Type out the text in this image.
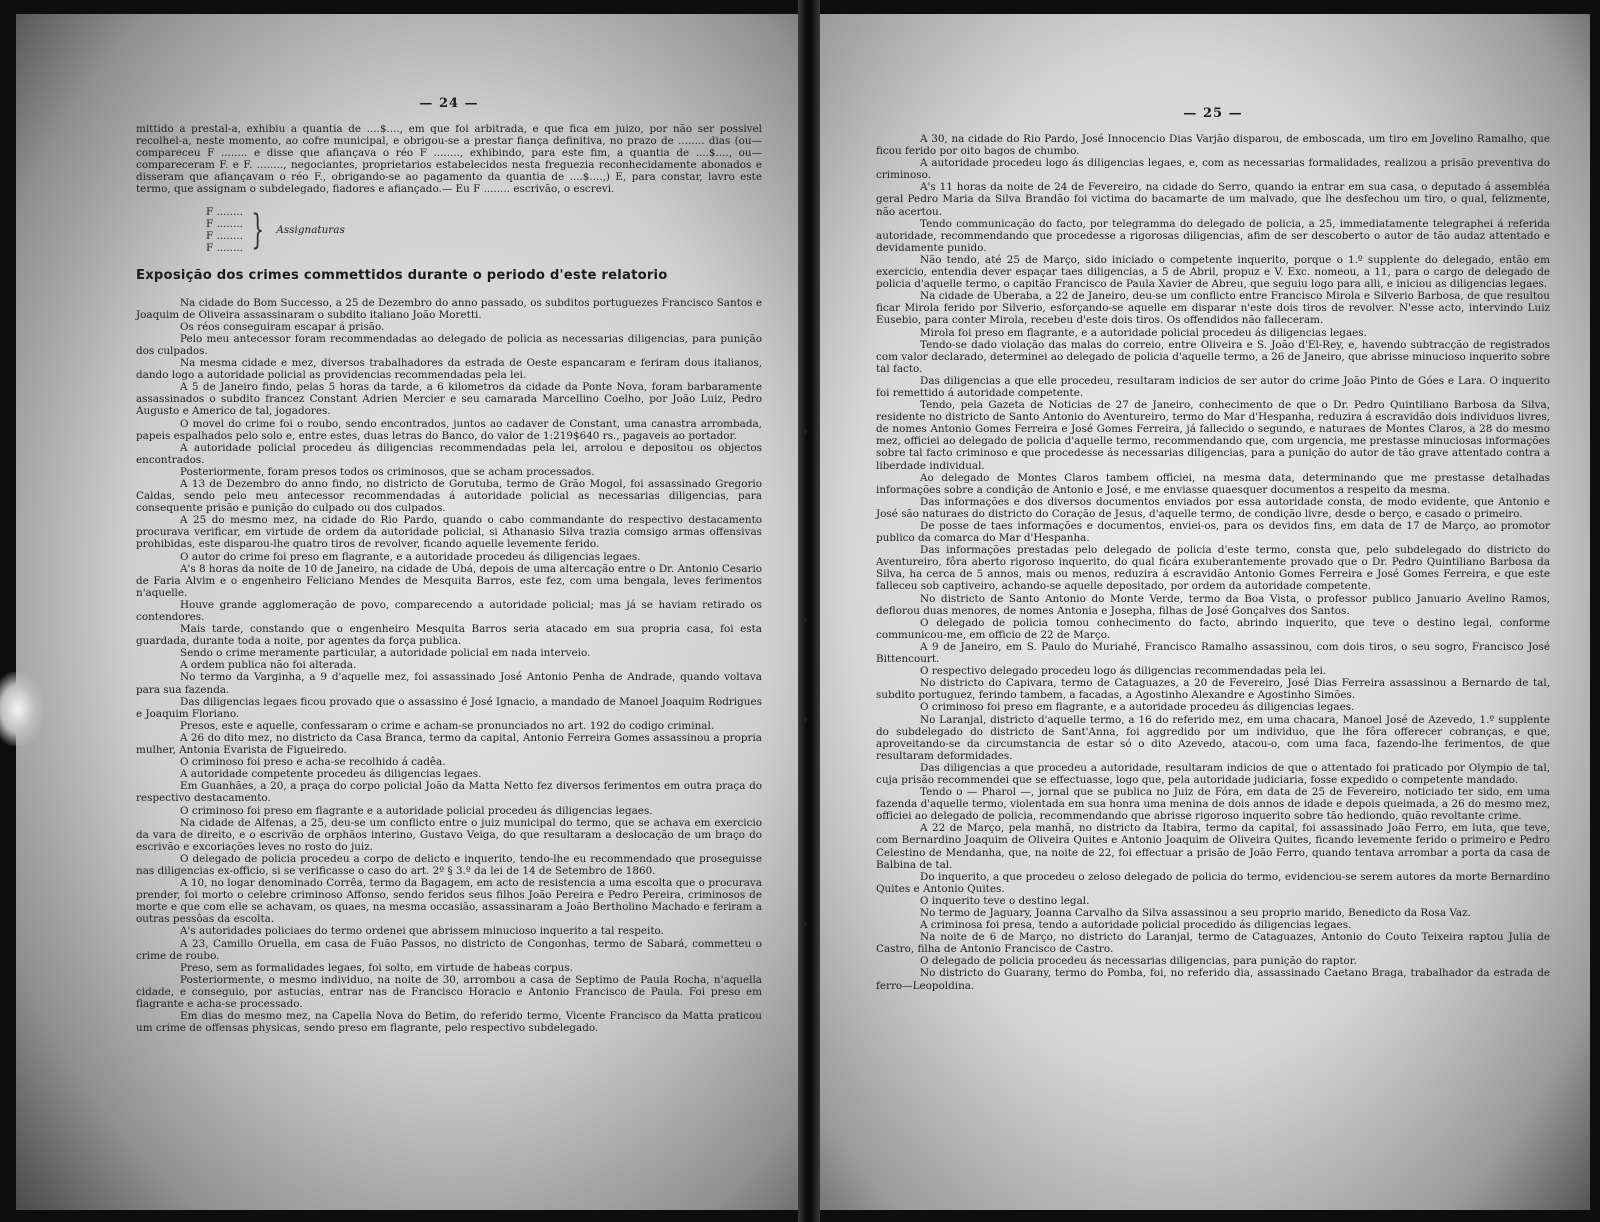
— 24 —

mittido a prestal-a, exhibiu a quantia de ....$...., em que foi arbitrada, e que fica em juizo, por não ser possivel recolhel-a, neste momento, ao cofre municipal, e obrigou-se a prestar fiança definitiva, no prazo de ........ dias (ou—compareceu F ........ e disse que afiançava o réo F ........, exhibindo, para este fim, a quantia de ....$...., ou—compareceram F. e F. ........, negociantes, proprietarios estabelecidos nesta freguezia reconhecidamente abonados e disseram que afiançavam o réo F., obrigando-se ao pagamento da quantia de ....$....,) E, para constar, lavro este termo, que assignam o subdelegado, fiadores e afiançado.— Eu F ........ escrivão, o escrevi.

F ........
F ........
F ........
F ........ } Assignaturas
Exposição dos crimes commettidos durante o periodo d'este relatorio

Na cidade do Bom Successo, a 25 de Dezembro do anno passado, os subditos portuguezes Francisco Santos e Joaquim de Oliveira assassinaram o subdito italiano João Moretti.

Os réos conseguiram escapar á prisão.

Pelo meu antecessor foram recommendadas ao delegado de policia as necessarias diligencias, para punição dos culpados.

Na mesma cidade e mez, diversos trabalhadores da estrada de Oeste espancaram e feriram dous italianos, dando logo a autoridade policial as providencias recommendadas pela lei.

A 5 de Janeiro findo, pelas 5 horas da tarde, a 6 kilometros da cidade da Ponte Nova, foram barbaramente assassinados o subdito francez Constant Adrien Mercier e seu camarada Marcellino Coelho, por João Luiz, Pedro Augusto e Americo de tal, jogadores.

O movel do crime foi o roubo, sendo encontrados, juntos ao cadaver de Constant, uma canastra arrombada, papeis espalhados pelo solo e, entre estes, duas letras do Banco, do valor de 1:219$640 rs., pagaveis ao portador.

A autoridade policial procedeu ás diligencias recommendadas pela lei, arrolou e depositou os objectos encontrados.

Posteriormente, foram presos todos os criminosos, que se acham processados.

A 13 de Dezembro do anno findo, no districto de Gorutuba, termo de Grão Mogol, foi assassinado Gregorio Caldas, sendo pelo meu antecessor recommendadas á autoridade policial as necessarias diligencias, para consequente prisão e punição do culpado ou dos culpados.

A 25 do mesmo mez, na cidade do Rio Pardo, quando o cabo commandante do respectivo destacamento procurava verificar, em virtude de ordem da autoridade policial, si Athanasio Silva trazia comsigo armas offensivas prohibidas, este disparou-lhe quatro tiros de revolver, ficando aquelle levemente ferido.

O autor do crime foi preso em flagrante, e a autoridade procedeu ás diligencias legaes.

A's 8 horas da noite de 10 de Janeiro, na cidade de Ubá, depois de uma altercação entre o Dr. Antonio Cesario de Faria Alvim e o engenheiro Feliciano Mendes de Mesquita Barros, este fez, com uma bengala, leves ferimentos n'aquelle.

Houve grande agglomeração de povo, comparecendo a autoridade policial; mas já se haviam retirado os contendores.

Mais tarde, constando que o engenheiro Mesquita Barros seria atacado em sua propria casa, foi esta guardada, durante toda a noite, por agentes da força publica.

Sendo o crime meramente particular, a autoridade policial em nada interveio.

A ordem publica não foi alterada.

No termo da Varginha, a 9 d'aquelle mez, foi assassinado José Antonio Penha de Andrade, quando voltava para sua fazenda.

Das diligencias legaes ficou provado que o assassino é José Ignacio, a mandado de Manoel Joaquim Rodrigues e Joaquim Floriano.

Presos, este e aquelle, confessaram o crime e acham-se pronunciados no art. 192 do codigo criminal.

A 26 do dito mez, no districto da Casa Branca, termo da capital, Antonio Ferreira Gomes assassinou a propria mulher, Antonia Evarista de Figueiredo.

O criminoso foi preso e acha-se recolhido á cadêa.

A autoridade competente procedeu ás diligencias legaes.

Em Guanhães, a 20, a praça do corpo policial João da Matta Netto fez diversos ferimentos em outra praça do respectivo destacamento.

O criminoso foi preso em flagrante e a autoridade policial procedeu ás diligencias legaes.

Na cidade de Alfenas, a 25, deu-se um conflicto entre o juiz municipal do termo, que se achava em exercicio da vara de direito, e o escrivão de orphãos interino, Gustavo Veiga, do que resultaram a deslocação de um braço do escrivão e excoriações leves no rosto do juiz.

O delegado de policia procedeu a corpo de delicto e inquerito, tendo-lhe eu recommendado que proseguisse nas diligencias ex-officio, si se verificasse o caso do art. 2º § 3.º da lei de 14 de Setembro de 1860.

A 10, no logar denominado Corrêa, termo da Bagagem, em acto de resistencia a uma escolta que o procurava prender, foi morto o celebre criminoso Affonso, sendo feridos seus filhos João Pereira e Pedro Pereira, criminosos de morte e que com elle se achavam, os quaes, na mesma occasião, assassinaram a João Bertholino Machado e feriram a outras pessôas da escolta.

A's autoridades policiaes do termo ordenei que abrissem minucioso inquerito a tal respeito.

A 23, Camillo Oruella, em casa de Fuão Passos, no districto de Congonhas, termo de Sabará, commetteu o crime de roubo.

Preso, sem as formalidades legaes, foi solto, em virtude de habeas corpus.

Posteriormente, o mesmo individuo, na noite de 30, arrombou a casa de Septimo de Paula Rocha, n'aquella cidade, e conseguio, por astucias, entrar nas de Francisco Horacio e Antonio Francisco de Paula. Foi preso em flagrante e acha-se processado.

Em dias do mesmo mez, na Capella Nova do Betim, do referido termo, Vicente Francisco da Matta praticou um crime de offensas physicas, sendo preso em flagrante, pelo respectivo subdelegado.

— 25 —

A 30, na cidade do Rio Pardo, José Innocencio Dias Varjão disparou, de emboscada, um tiro em Jovelino Ramalho, que ficou ferido por oito bagos de chumbo.

A autoridade procedeu logo ás diligencias legaes, e, com as necessarias formalidades, realizou a prisão preventiva do criminoso.

A's 11 horas da noite de 24 de Fevereiro, na cidade do Serro, quando ia entrar em sua casa, o deputado á assembléa geral Pedro Maria da Silva Brandão foi victima do bacamarte de um malvado, que lhe desfechou um tiro, o qual, felizmente, não acertou.

Tendo communicação do facto, por telegramma do delegado de policia, a 25, immediatamente telegraphei á referida autoridade, recommendando que procedesse a rigorosas diligencias, afim de ser descoberto o autor de tão audaz attentado e devidamente punido.

Não tendo, até 25 de Março, sido iniciado o competente inquerito, porque o 1.º supplente do delegado, então em exercicio, entendia dever espaçar taes diligencias, a 5 de Abril, propuz e V. Exc. nomeou, a 11, para o cargo de delegado de policia d'aquelle termo, o capitão Francisco de Paula Xavier de Abreu, que seguiu logo para alli, e iniciou as diligencias legaes.

Na cidade de Uberaba, a 22 de Janeiro, deu-se um conflicto entre Francisco Mirola e Silverio Barbosa, de que resultou ficar Mirola ferido por Silverio, esforçando-se aquelle em disparar n'este dois tiros de revolver. N'esse acto, intervindo Luiz Eusebio, para conter Mirola, recebeu d'este dois tiros. Os offendidos não falleceram.

Mirola foi preso em flagrante, e a autoridade policial procedeu ás diligencias legaes.

Tendo-se dado violação das malas do correio, entre Oliveira e S. João d'El-Rey, e, havendo subtracção de registrados com valor declarado, determinei ao delegado de policia d'aquelle termo, a 26 de Janeiro, que abrisse minucioso inquerito sobre tal facto.

Das diligencias a que elle procedeu, resultaram indicios de ser autor do crime João Pinto de Góes e Lara. O inquerito foi remettido á autoridade competente.

Tendo, pela Gazeta de Noticias de 27 de Janeiro, conhecimento de que o Dr. Pedro Quintiliano Barbosa da Silva, residente no districto de Santo Antonio do Aventureiro, termo do Mar d'Hespanha, reduzira á escravidão dois individuos livres, de nomes Antonio Gomes Ferreira e José Gomes Ferreira, já fallecido o segundo, e naturaes de Montes Claros, a 28 do mesmo mez, officiei ao delegado de policia d'aquelle termo, recommendando que, com urgencia, me prestasse minuciosas informações sobre tal facto criminoso e que procedesse ás necessarias diligencias, para a punição do autor de tão grave attentado contra a liberdade individual.

Ao delegado de Montes Claros tambem officiei, na mesma data, determinando que me prestasse detalhadas informações sobre a condição de Antonio e José, e me enviasse quaesquer documentos a respeito da mesma.

Das informações e dos diversos documentos enviados por essa autoridade consta, de modo evidente, que Antonio e José são naturaes do districto do Coração de Jesus, d'aquelle termo, de condição livre, desde o berço, e casado o primeiro.

De posse de taes informações e documentos, enviei-os, para os devidos fins, em data de 17 de Março, ao promotor publico da comarca do Mar d'Hespanha.

Das informações prestadas pelo delegado de policia d'este termo, consta que, pelo subdelegado do districto do Aventureiro, fôra aberto rigoroso inquerito, do qual ficára exuberantemente provado que o Dr. Pedro Quintiliano Barbosa da Silva, ha cerca de 5 annos, mais ou menos, reduzira á escravidão Antonio Gomes Ferreira e José Gomes Ferreira, e que este falleceu sob captiveiro, achando-se aquelle depositado, por ordem da autoridade competente.

No districto de Santo Antonio do Monte Verde, termo da Boa Vista, o professor publico Januario Avelino Ramos, deflorou duas menores, de nomes Antonia e Josepha, filhas de José Gonçalves dos Santos.

O delegado de policia tomou conhecimento do facto, abrindo inquerito, que teve o destino legal, conforme communicou-me, em officio de 22 de Março.

A 9 de Janeiro, em S. Paulo do Muriahé, Francisco Ramalho assassinou, com dois tiros, o seu sogro, Francisco José Bittencourt.

O respectivo delegado procedeu logo ás diligencias recommendadas pela lei.

No districto do Capivara, termo de Cataguazes, a 20 de Fevereiro, José Dias Ferreira assassinou a Bernardo de tal, subdito portuguez, ferindo tambem, a facadas, a Agostinho Alexandre e Agostinho Simões.

O criminoso foi preso em flagrante, e a autoridade procedeu ás diligencias legaes.

No Laranjal, districto d'aquelle termo, a 16 do referido mez, em uma chacara, Manoel José de Azevedo, 1.º supplente do subdelegado do districto de Sant'Anna, foi aggredido por um individuo, que lhe fôra offerecer cobranças, e que, aproveitando-se da circumstancia de estar só o dito Azevedo, atacou-o, com uma faca, fazendo-lhe ferimentos, de que resultaram deformidades.

Das diligencias a que procedeu a autoridade, resultaram indicios de que o attentado foi praticado por Olympio de tal, cuja prisão recommendei que se effectuasse, logo que, pela autoridade judiciaria, fosse expedido o competente mandado.

Tendo o — Pharol —, jornal que se publica no Juiz de Fóra, em data de 25 de Fevereiro, noticiado ter sido, em uma fazenda d'aquelle termo, violentada em sua honra uma menina de dois annos de idade e depois queimada, a 26 do mesmo mez, officiei ao delegado de policia, recommendando que abrisse rigoroso inquerito sobre tão hediondo, quão revoltante crime.

A 22 de Março, pela manhã, no districto da Itabira, termo da capital, foi assassinado João Ferro, em luta, que teve, com Bernardino Joaquim de Oliveira Quites e Antonio Joaquim de Oliveira Quites, ficando levemente ferido o primeiro e Pedro Celestino de Mendanha, que, na noite de 22, foi effectuar a prisão de João Ferro, quando tentava arrombar a porta da casa de Balbina de tal.

Do inquerito, a que procedeu o zeloso delegado de policia do termo, evidenciou-se serem autores da morte Bernardino Quites e Antonio Quites.

O inquerito teve o destino legal.

No termo de Jaguary, Joanna Carvalho da Silva assassinou a seu proprio marido, Benedicto da Rosa Vaz.

A criminosa foi presa, tendo a autoridade policial procedido ás diligencias legaes.

Na noite de 6 de Março, no districto do Laranjal, termo de Cataguazes, Antonio do Couto Teixeira raptou Julia de Castro, filha de Antonio Francisco de Castro.

O delegado de policia procedeu ás necessarias diligencias, para punição do raptor.

No districto do Guarany, termo do Pomba, foi, no referido dia, assassinado Caetano Braga, trabalhador da estrada de ferro—Leopoldina.

▾
▾
▾
▾
